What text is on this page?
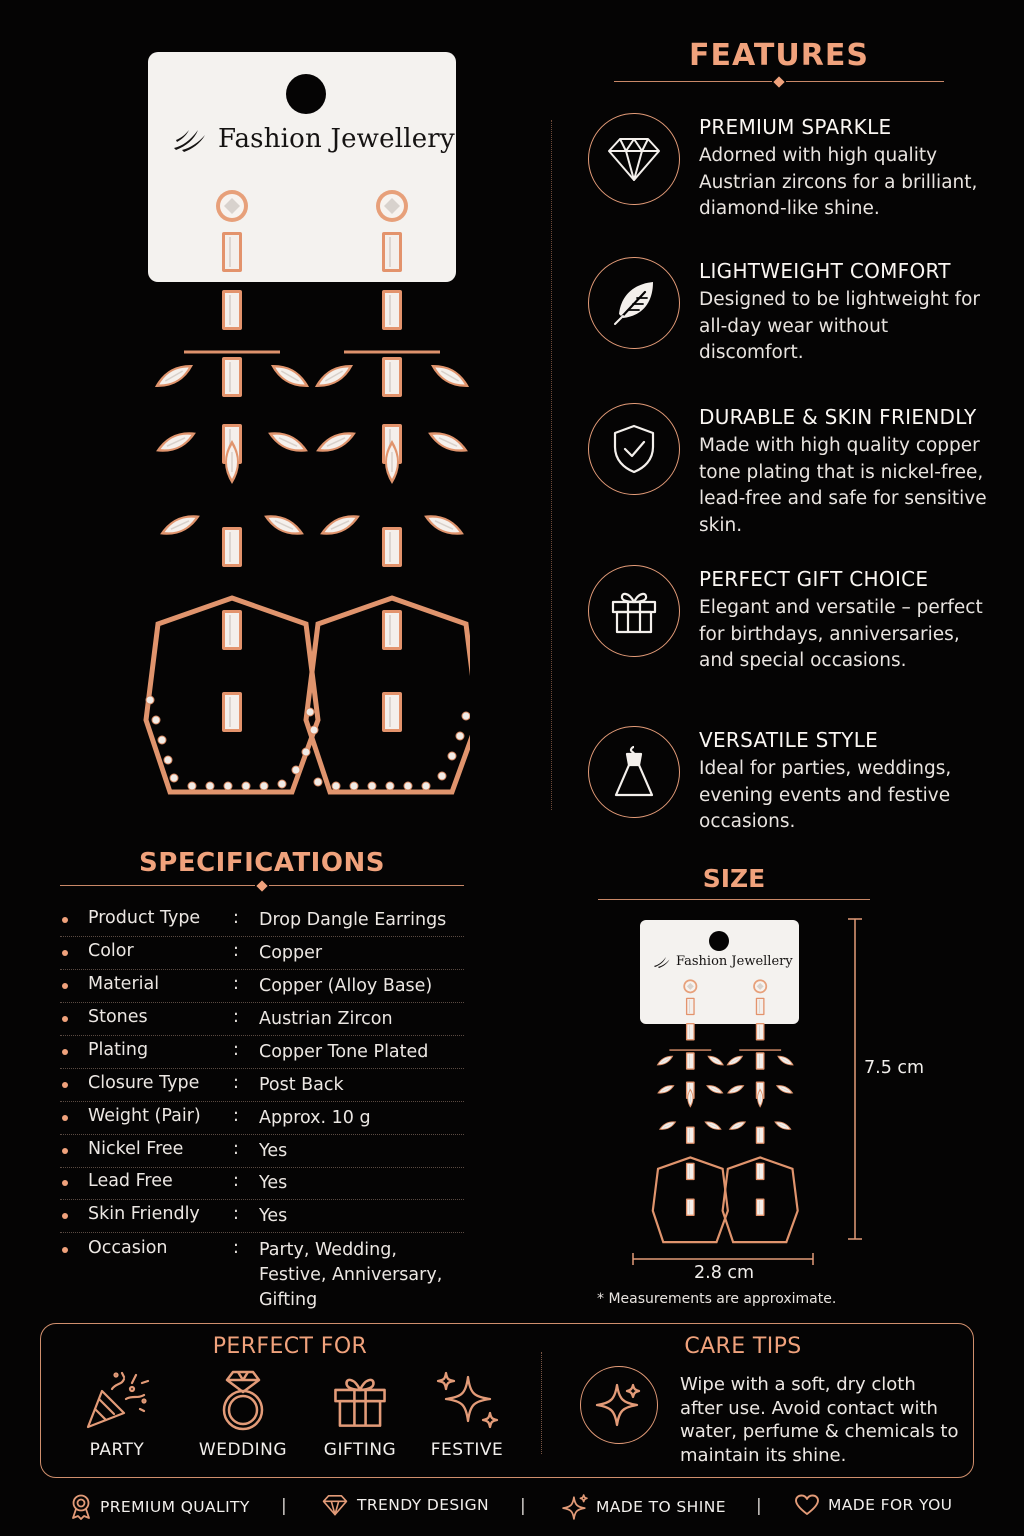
Fashion Jewellery
FEATURES
PREMIUM SPARKLE
Adorned with high quality Austrian zircons for a brilliant, diamond-like shine.
LIGHTWEIGHT COMFORT
Designed to be lightweight for all-day wear without discomfort.
DURABLE & SKIN FRIENDLY
Made with high quality copper tone plating that is nickel-free, lead-free and safe for sensitive skin.
PERFECT GIFT CHOICE
Elegant and versatile – perfect for birthdays, anniversaries, and special occasions.
VERSATILE STYLE
Ideal for parties, weddings, evening events and festive occasions.
SPECIFICATIONS
Product Type : Drop Dangle Earrings
Color	: Copper
Material	: Copper (Alloy Base)
Stones	: Austrian Zircon
Plating	: Copper Tone Plated
Closure Type : Post Back
Weight (Pair) : Approx. 10 g
Nickel Free	: Yes
Lead Free	: Yes
Skin Friendly : Yes
Occasion	: Party, Wedding, Festive, Anniversary, Gifting
SIZE
Fashion Jewellery
7.5 cm
2.8 cm
* Measurements are approximate.
PERFECT FOR
PARTY	WEDDING	GIFTING	FESTIVE
CARE TIPS
Wipe with a soft, dry cloth after use. Avoid contact with water, perfume & chemicals to maintain its shine.
PREMIUM QUALITY |	TRENDY DESIGN |	MADE TO SHINE |	MADE FOR YOU
